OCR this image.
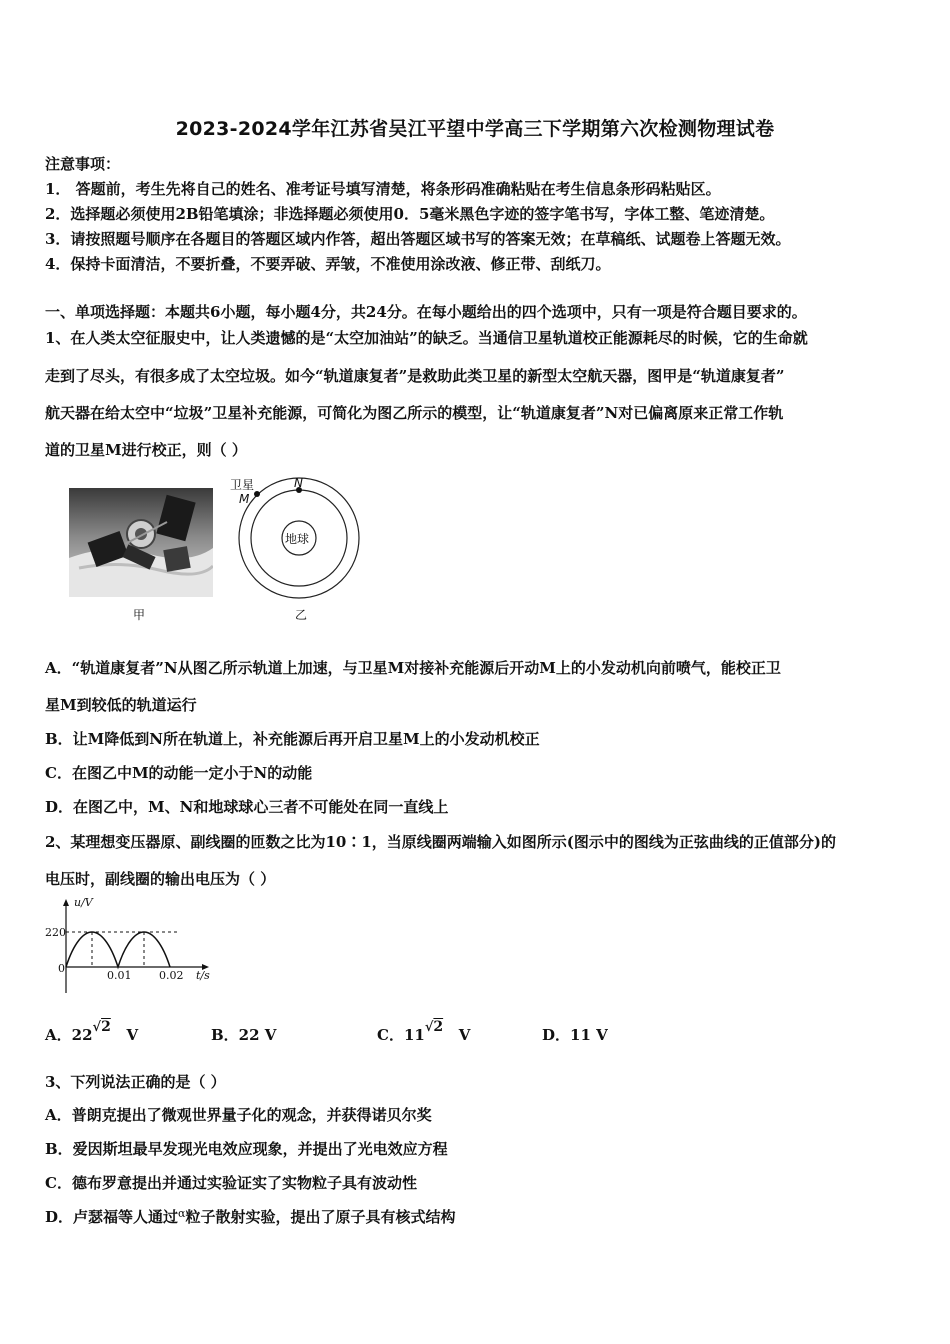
2023-2024学年江苏省吴江平望中学高三下学期第六次检测物理试卷
注意事项：
1． 答题前，考生先将自己的姓名、准考证号填写清楚，将条形码准确粘贴在考生信息条形码粘贴区。
2．选择题必须使用2B铅笔填涂；非选择题必须使用0．5毫米黑色字迹的签字笔书写，字体工整、笔迹清楚。
3．请按照题号顺序在各题目的答题区域内作答，超出答题区域书写的答案无效；在草稿纸、试题卷上答题无效。
4．保持卡面清洁，不要折叠，不要弄破、弄皱，不准使用涂改液、修正带、刮纸刀。
一、单项选择题：本题共6小题，每小题4分，共24分。在每小题给出的四个选项中，只有一项是符合题目要求的。
1、在人类太空征服史中，让人类遗憾的是“太空加油站”的缺乏。当通信卫星轨道校正能源耗尽的时候，它的生命就
走到了尽头，有很多成了太空垃圾。如今“轨道康复者”是救助此类卫星的新型太空航天器，图甲是“轨道康复者”
航天器在给太空中“垃圾”卫星补充能源，可简化为图乙所示的模型，让“轨道康复者”N对已偏离原来正常工作轨
道的卫星M进行校正，则（ ）
甲
卫星
M
N
地球
乙
A．“轨道康复者”N从图乙所示轨道上加速，与卫星M对接补充能源后开动M上的小发动机向前喷气，能校正卫
星M到较低的轨道运行
B．让M降低到N所在轨道上，补充能源后再开启卫星M上的小发动机校正
C．在图乙中M的动能一定小于N的动能
D．在图乙中，M、N和地球球心三者不可能处在同一直线上
2、某理想变压器原、副线圈的匝数之比为10∶1，当原线圈两端输入如图所示(图示中的图线为正弦曲线的正值部分)的
电压时，副线圈的输出电压为（ ）
u/V
220
0
0.01	0.02 t/s
A．22√2 V	B．22 V	C．11√2 V	D．11 V
3、下列说法正确的是（ ）
A．普朗克提出了微观世界量子化的观念，并获得诺贝尔奖
B．爱因斯坦最早发现光电效应现象，并提出了光电效应方程
C．德布罗意提出并通过实验证实了实物粒子具有波动性
D．卢瑟福等人通过$^\alpha$粒子散射实验，提出了原子具有核式结构
